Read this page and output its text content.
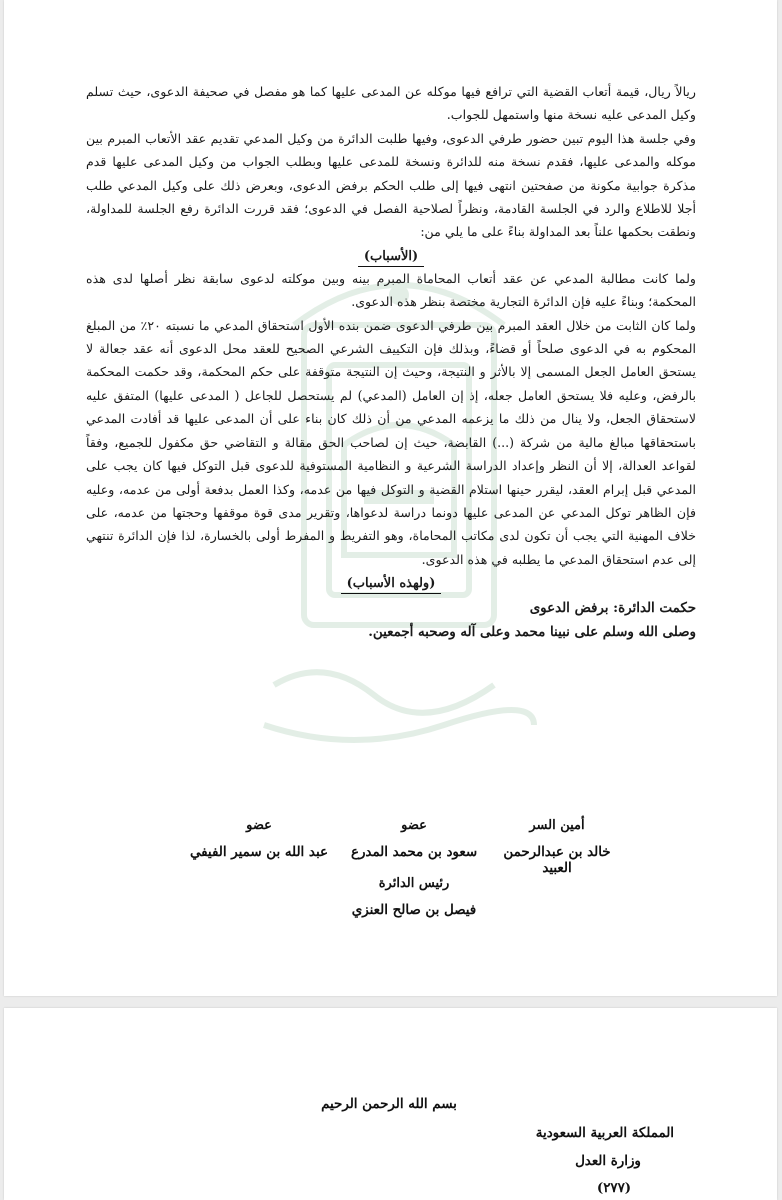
ريالاً ريال، قيمة أتعاب القضية التي ترافع فيها موكله عن المدعى عليها كما هو مفصل في صحيفة الدعوى، حيث تسلم وكيل المدعى عليه نسخة منها واستمهل للجواب.

وفي جلسة هذا اليوم تبين حضور طرفي الدعوى، وفيها طلبت الدائرة من وكيل المدعي تقديم عقد الأتعاب المبرم بين موكله والمدعى عليها، فقدم نسخة منه للدائرة ونسخة للمدعى عليها وبطلب الجواب من وكيل المدعى عليها قدم مذكرة جوابية مكونة من صفحتين انتهى فيها إلى طلب الحكم برفض الدعوى، وبعرض ذلك على وكيل المدعي طلب أجلا للاطلاع والرد في الجلسة القادمة، ونظراً لصلاحية الفصل في الدعوى؛ فقد قررت الدائرة رفع الجلسة للمداولة، ونطقت بحكمها علناً بعد المداولة بناءً على ما يلي من:

(الأسباب)

ولما كانت مطالبة المدعي عن عقد أتعاب المحاماة المبرم بينه وبين موكلته لدعوى سابقة نظر أصلها لدى هذه المحكمة؛ وبناءً عليه فإن الدائرة التجارية مختصة بنظر هذه الدعوى.

ولما كان الثابت من خلال العقد المبرم بين طرفي الدعوى ضمن بنده الأول استحقاق المدعي ما نسبته ٢٠٪ من المبلغ المحكوم به في الدعوى صلحاً أو قضاءً، وبذلك فإن التكييف الشرعي الصحيح للعقد محل الدعوى أنه عقد جعالة لا يستحق العامل الجعل المسمى إلا بالأثر و النتيجة، وحيث إن النتيجة متوقفة على حكم المحكمة، وقد حكمت المحكمة بالرفض، وعليه فلا يستحق العامل جعله، إذ إن العامل (المدعي) لم يستحصل للجاعل ( المدعى عليها) المتفق عليه لاستحقاق الجعل، ولا ينال من ذلك ما يزعمه المدعي من أن ذلك كان بناء على أن المدعى عليها قد أفادت المدعي باستحقاقها مبالغ مالية من شركة (...) القابضة، حيث إن لصاحب الحق مقالة و التقاضي حق مكفول للجميع، وفقاً لقواعد العدالة، إلا أن النظر وإعداد الدراسة الشرعية و النظامية المستوفية للدعوى قبل التوكل فيها كان يجب على المدعي قبل إبرام العقد، ليقرر حينها استلام القضية و التوكل فيها من عدمه، وكذا العمل بدفعة أولى من عدمه، وعليه فإن الظاهر توكل المدعي عن المدعى عليها دونما دراسة لدعواها، وتقرير مدى قوة موقفها وحجتها من عدمه، على خلاف المهنية التي يجب أن تكون لدى مكاتب المحاماة، وهو التفريط و المفرط أولى بالخسارة، لذا فإن الدائرة تنتهي إلى عدم استحقاق المدعي ما يطلبه في هذه الدعوى.

(ولهذه الأسباب)

حكمت الدائرة: برفض الدعوى

وصلى الله وسلم على نبينا محمد وعلى آله وصحبه أجمعين.

أمين السر
خالد بن عبدالرحمن العبيد
عضو
سعود بن محمد المدرع
عضو
عبد الله بن سمير الفيفي
رئيس الدائرة
فيصل بن صالح العنزي
بسم الله الرحمن الرحيم
المملكة العربية السعودية
وزارة العدل
(٢٧٧)
